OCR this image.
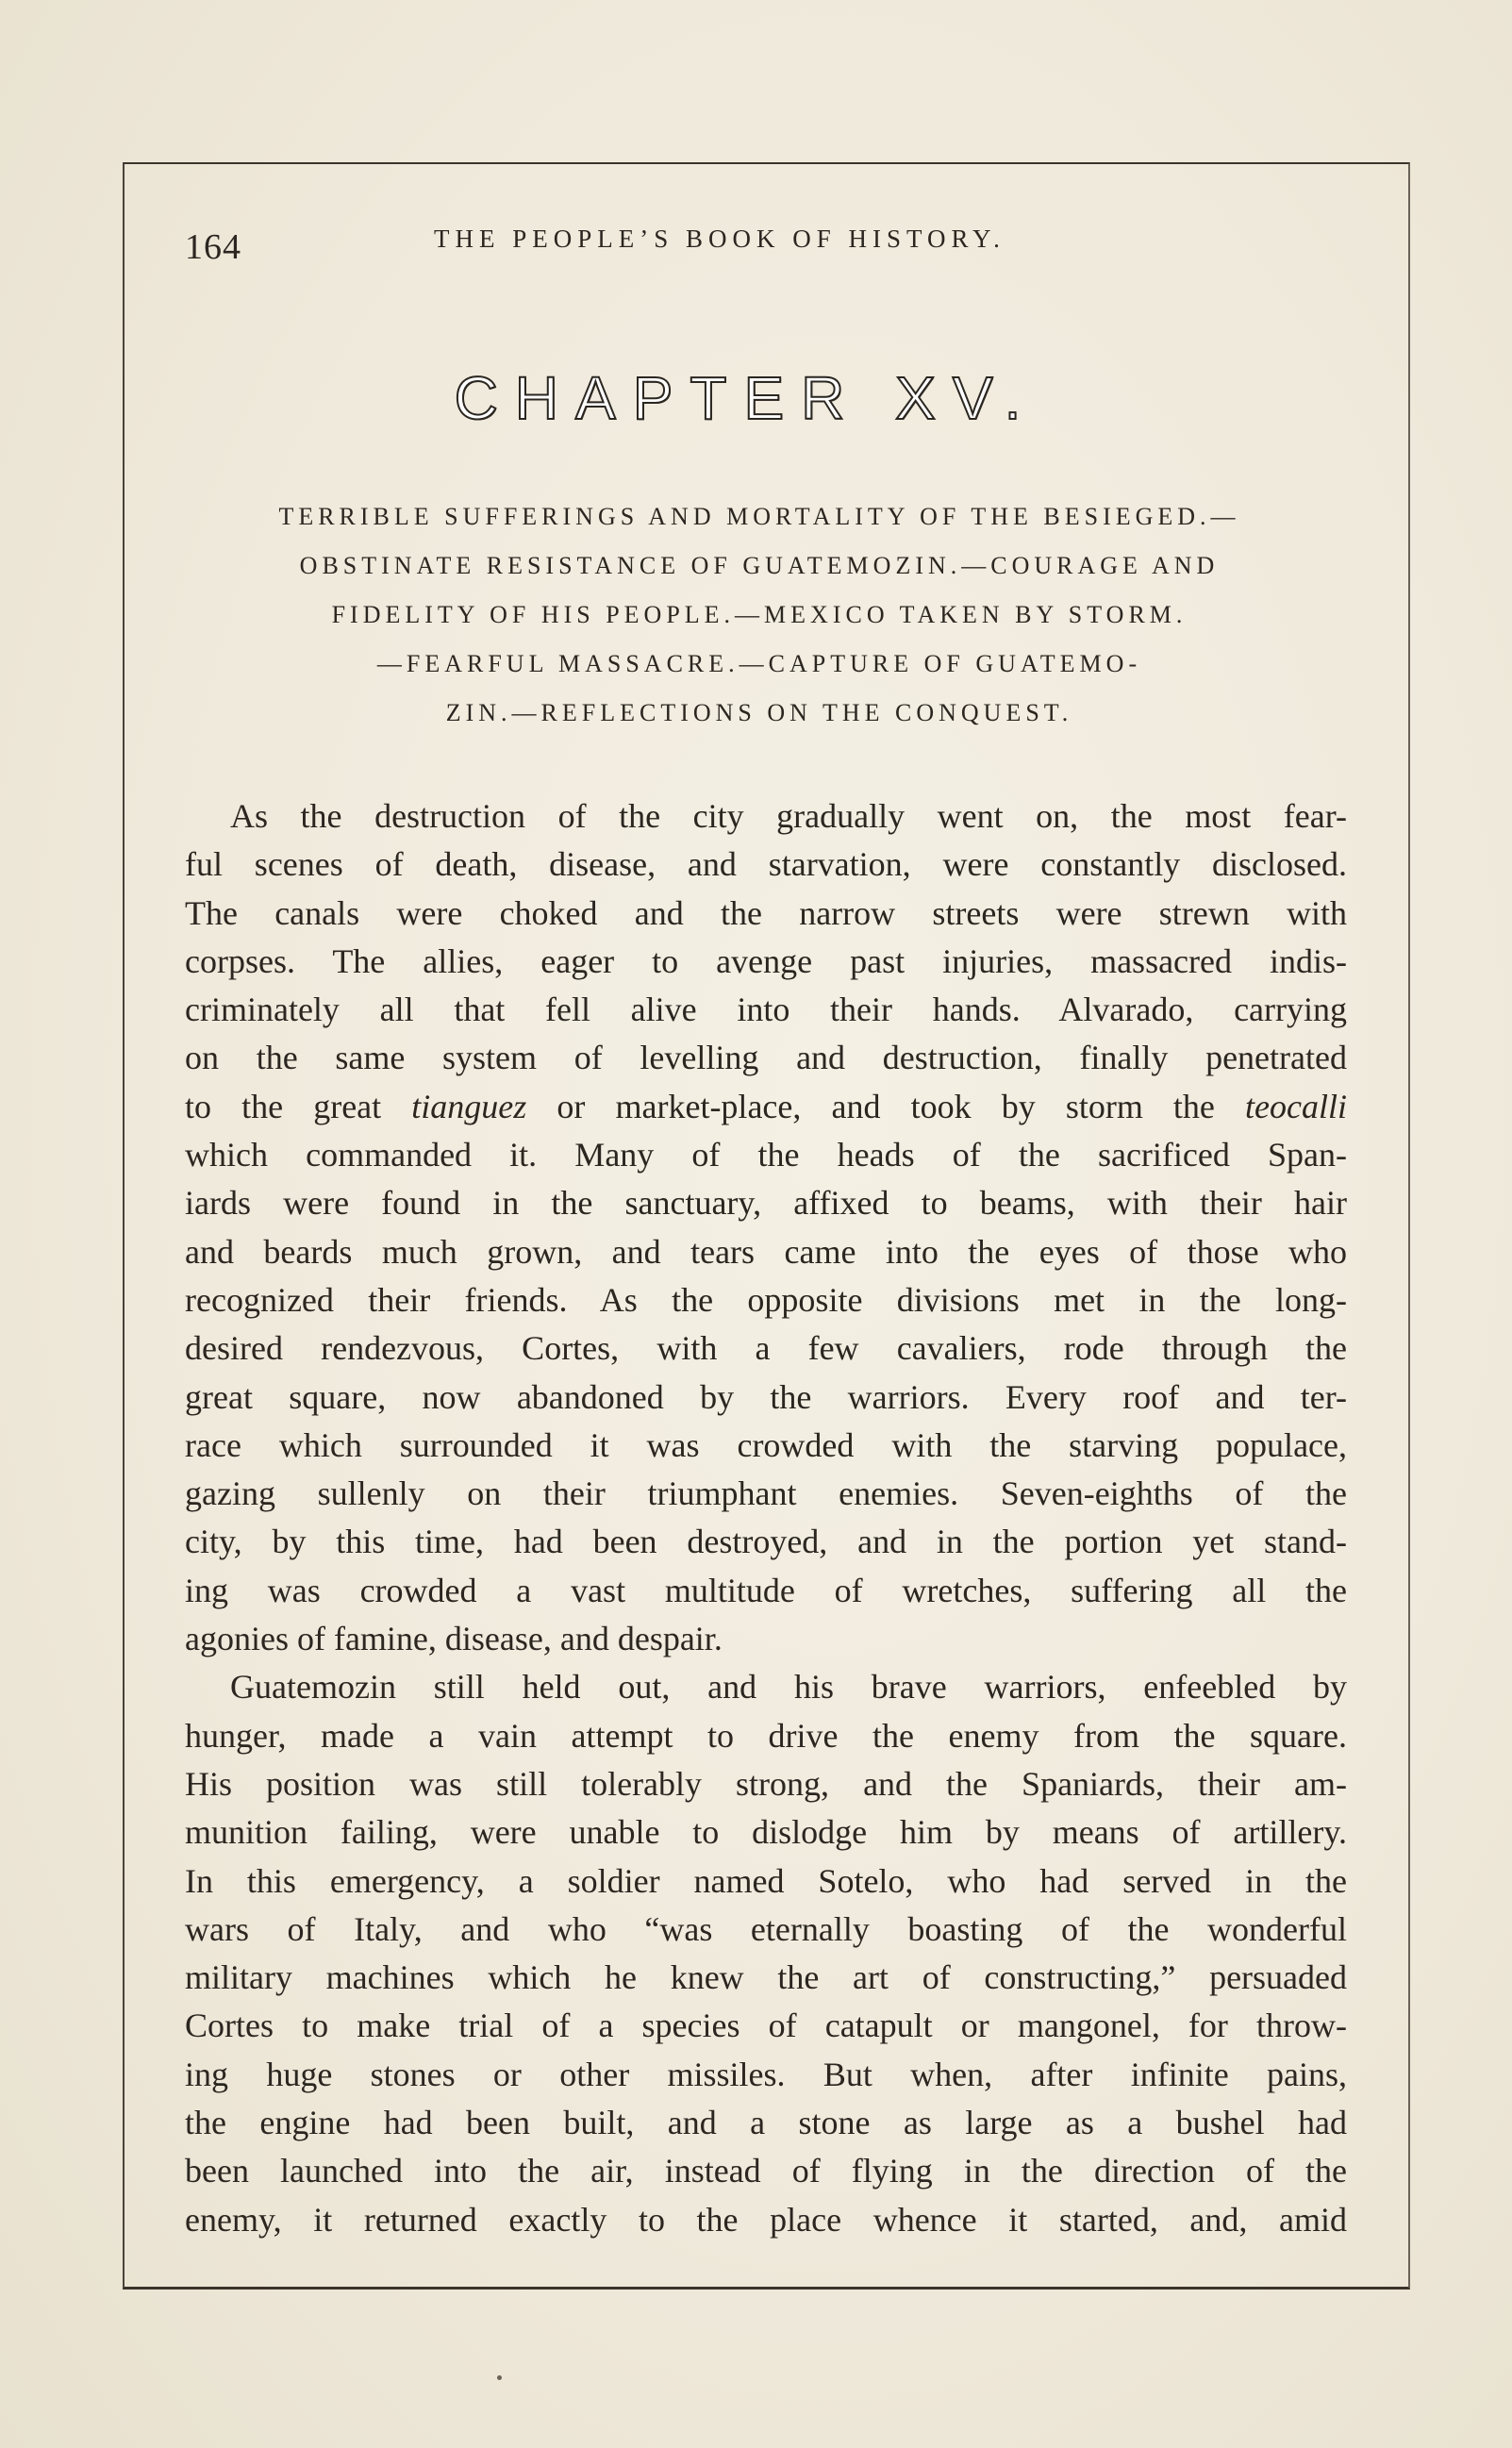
164	THE PEOPLE’S BOOK OF HISTORY.
CHAPTER XV.
TERRIBLE SUFFERINGS AND MORTALITY OF THE BESIEGED.—
OBSTINATE RESISTANCE OF GUATEMOZIN.—COURAGE AND
FIDELITY OF HIS PEOPLE.—MEXICO TAKEN BY STORM.
—FEARFUL MASSACRE.—CAPTURE OF GUATEMO-
ZIN.—REFLECTIONS ON THE CONQUEST.
As the destruction of the city gradually went on, the most fear-
ful scenes of death, disease, and starvation, were constantly disclosed.
The canals were choked and the narrow streets were strewn with
corpses. The allies, eager to avenge past injuries, massacred indis-
criminately all that fell alive into their hands. Alvarado, carrying
on the same system of levelling and destruction, finally penetrated
to the great tianguez or market-place, and took by storm the teocalli
which commanded it. Many of the heads of the sacrificed Span-
iards were found in the sanctuary, affixed to beams, with their hair
and beards much grown, and tears came into the eyes of those who
recognized their friends. As the opposite divisions met in the long-
desired rendezvous, Cortes, with a few cavaliers, rode through the
great square, now abandoned by the warriors. Every roof and ter-
race which surrounded it was crowded with the starving populace,
gazing sullenly on their triumphant enemies. Seven-eighths of the
city, by this time, had been destroyed, and in the portion yet stand-
ing was crowded a vast multitude of wretches, suffering all the
agonies of famine, disease, and despair.
Guatemozin still held out, and his brave warriors, enfeebled by
hunger, made a vain attempt to drive the enemy from the square.
His position was still tolerably strong, and the Spaniards, their am-
munition failing, were unable to dislodge him by means of artillery.
In this emergency, a soldier named Sotelo, who had served in the
wars of Italy, and who “was eternally boasting of the wonderful
military machines which he knew the art of constructing,” persuaded
Cortes to make trial of a species of catapult or mangonel, for throw-
ing huge stones or other missiles. But when, after infinite pains,
the engine had been built, and a stone as large as a bushel had
been launched into the air, instead of flying in the direction of the
enemy, it returned exactly to the place whence it started, and, amid
